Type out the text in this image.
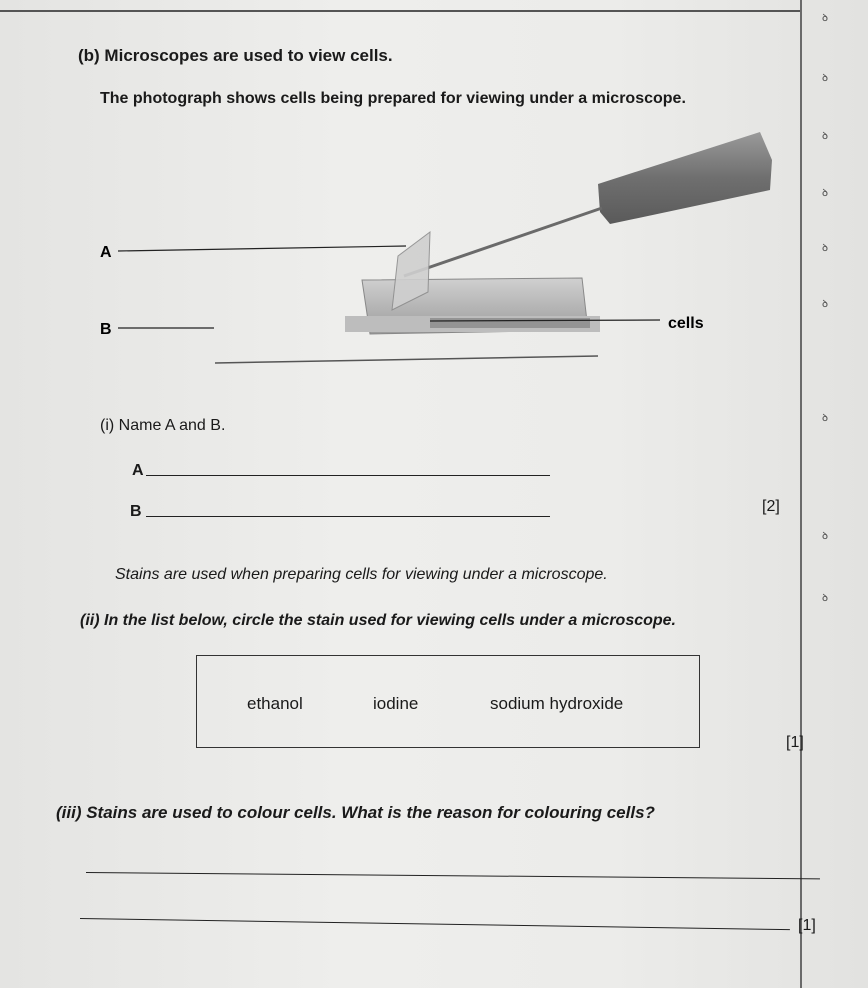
ꝺ
ꝺ
ꝺ
ꝺ
ꝺ
ꝺ
ꝺ
ꝺ
ꝺ
(b) Microscopes are used to view cells.
The photograph shows cells being prepared for viewing under a microscope.
A
B	cells
(i) Name A and B.
A
B	[2]
Stains are used when preparing cells for viewing under a microscope.
(ii) In the list below, circle the stain used for viewing cells under a microscope.
ethanol	iodine	sodium hydroxide
[1]
(iii) Stains are used to colour cells. What is the reason for colouring cells?
[1]
